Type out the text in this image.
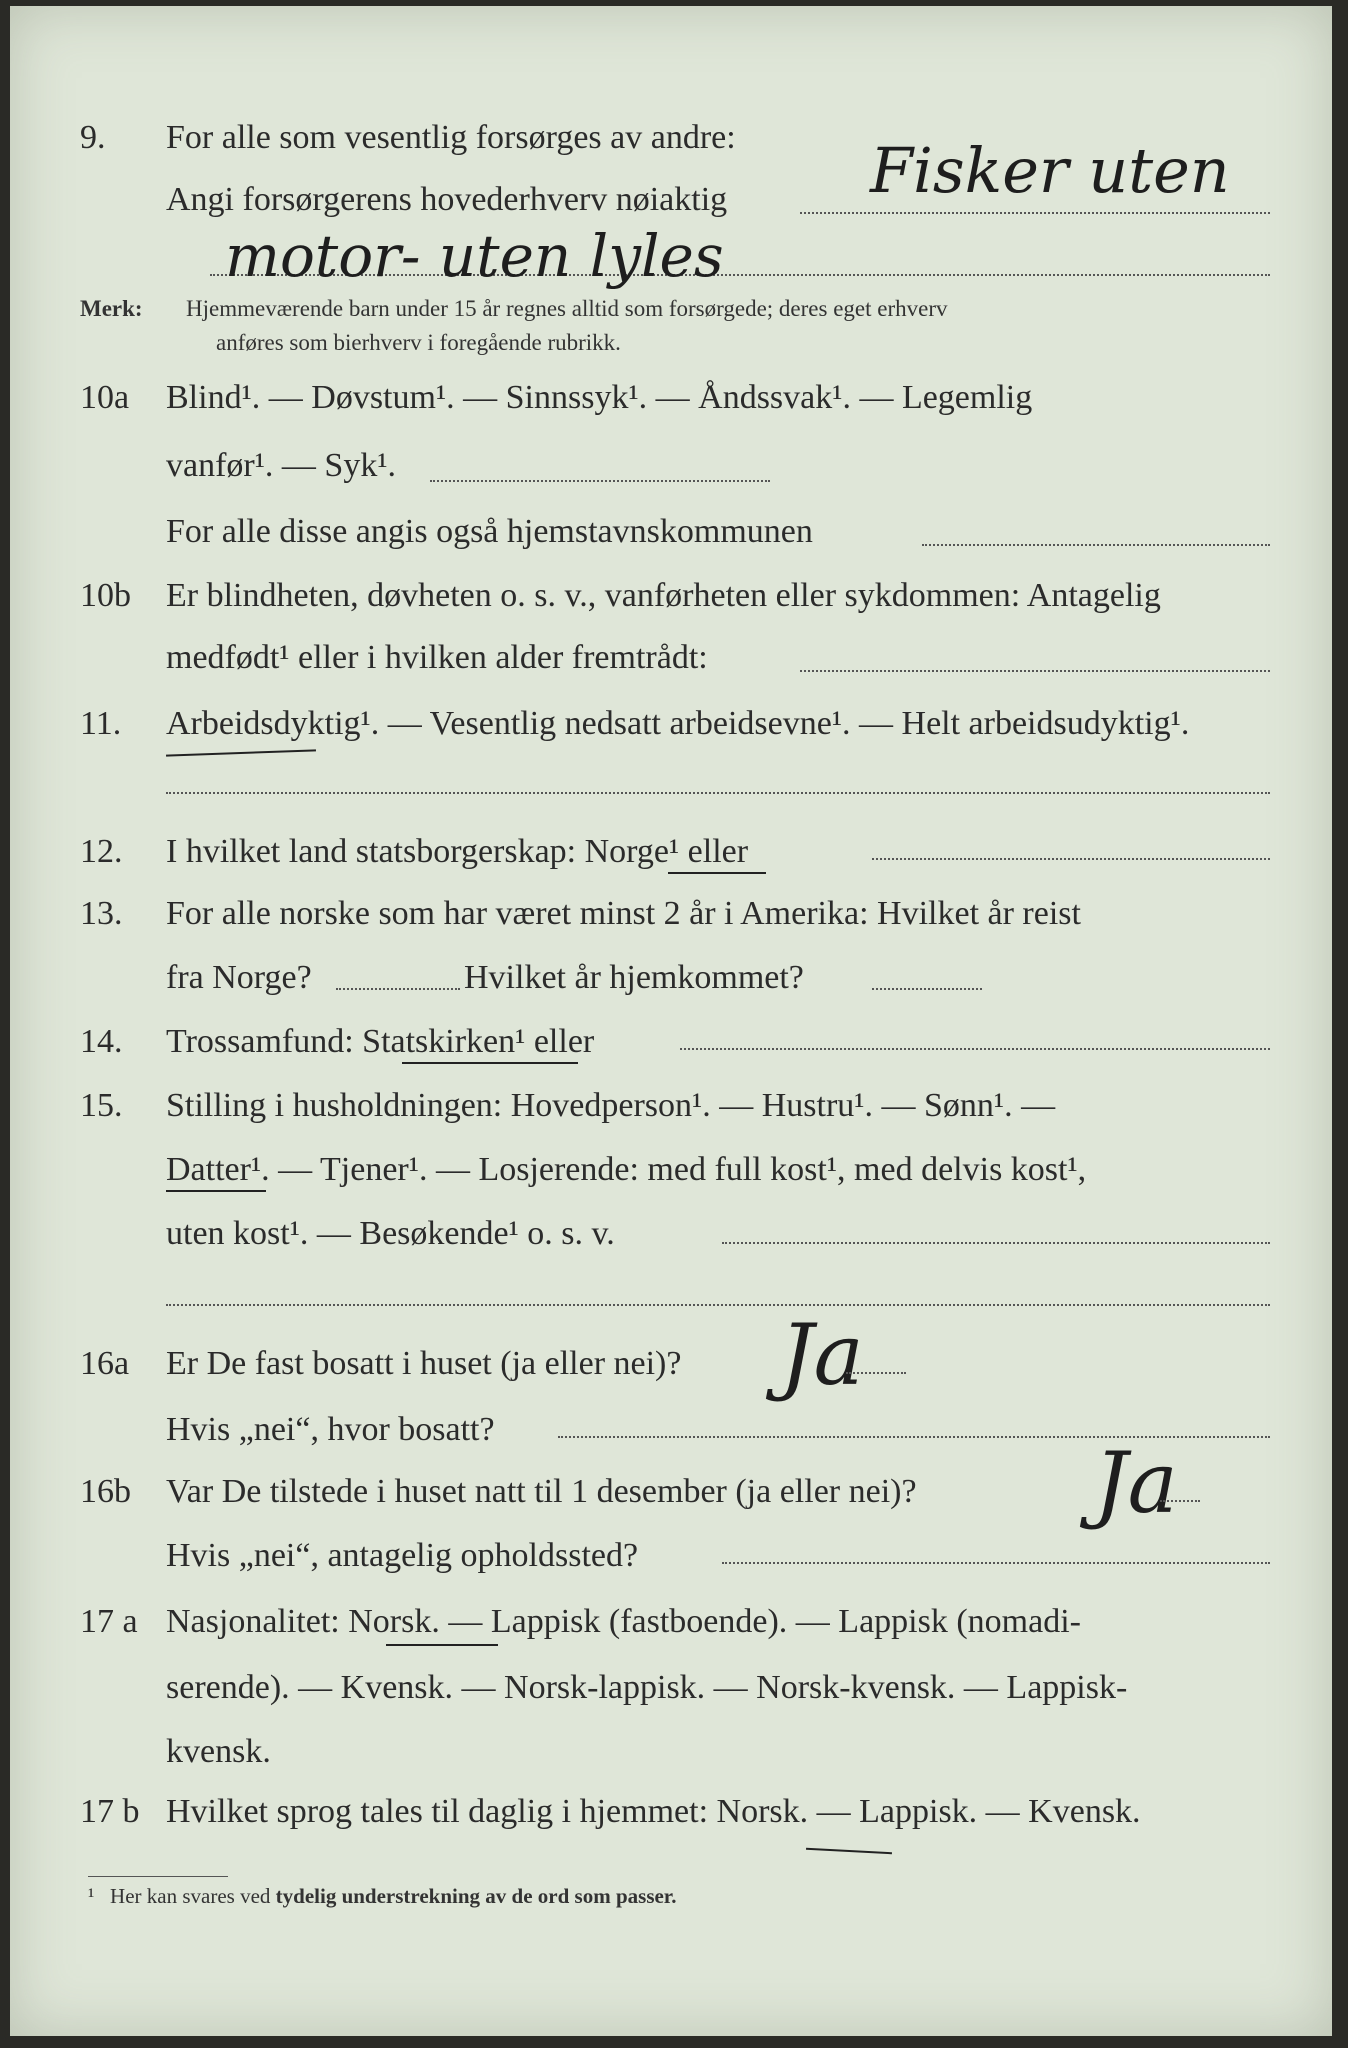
9.	For alle som vesentlig forsørges av andre:
Angi forsørgerens hovederhverv nøiaktig Fisker uten
motor- uten lyles
Merk: Hjemmeværende barn under 15 år regnes alltid som forsørgede; deres eget erhverv
anføres som bierhverv i foregående rubrikk.
10a	Blind¹. — Døvstum¹. — Sinnssyk¹. — Åndssvak¹. — Legemlig
vanfør¹. — Syk¹.
For alle disse angis også hjemstavnskommunen
10b	Er blindheten, døvheten o. s. v., vanførheten eller sykdommen: Antagelig
medfødt¹ eller i hvilken alder fremtrådt:
11.	Arbeidsdyktig¹. — Vesentlig nedsatt arbeidsevne¹. — Helt arbeidsudyktig¹.
12.	I hvilket land statsborgerskap: Norge¹ eller
13.	For alle norske som har været minst 2 år i Amerika: Hvilket år reist
fra Norge?	Hvilket år hjemkommet?
14.	Trossamfund: Statskirken¹ eller
15.	Stilling i husholdningen: Hovedperson¹. — Hustru¹. — Sønn¹. —
Datter¹. — Tjener¹. — Losjerende: med full kost¹, med delvis kost¹,
uten kost¹. — Besøkende¹ o. s. v.
16a	Er De fast bosatt i huset (ja eller nei)? Ja
Hvis „nei“, hvor bosatt?
16b	Var De tilstede i huset natt til 1 desember (ja eller nei)? Ja
Hvis „nei“, antagelig opholdssted?
17 a Nasjonalitet: Norsk. — Lappisk (fastboende). — Lappisk (nomadi-
serende). — Kvensk. — Norsk-lappisk. — Norsk-kvensk. — Lappisk-
kvensk.
17 b Hvilket sprog tales til daglig i hjemmet: Norsk. — Lappisk. — Kvensk.
¹ Her kan svares ved tydelig understrekning av de ord som passer.
